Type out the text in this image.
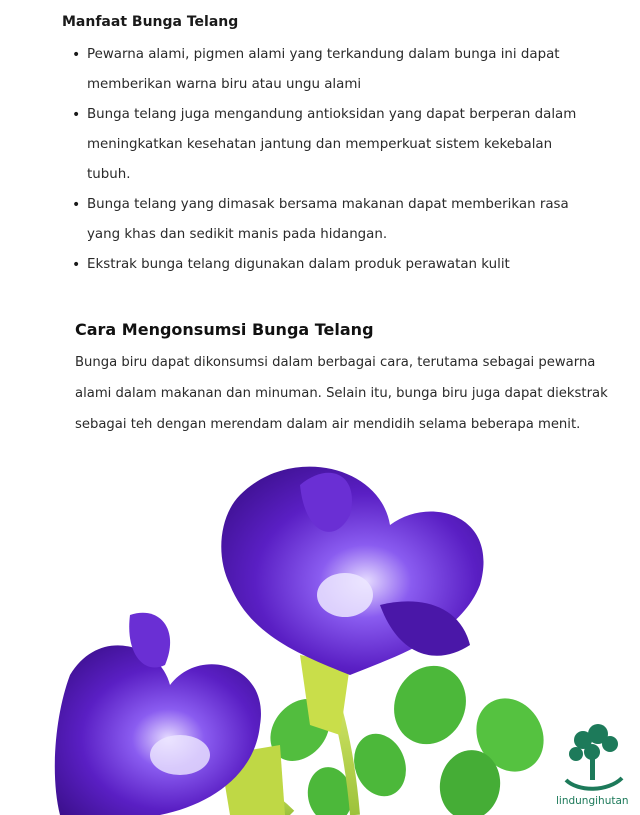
Manfaat Bunga Telang
• Pewarna alami, pigmen alami yang terkandung dalam bunga ini dapat memberikan warna biru atau ungu alami
• Bunga telang juga mengandung antioksidan yang dapat berperan dalam meningkatkan kesehatan jantung dan memperkuat sistem kekebalan tubuh.
• Bunga telang yang dimasak bersama makanan dapat memberikan rasa yang khas dan sedikit manis pada hidangan.
• Ekstrak bunga telang digunakan dalam produk perawatan kulit
Cara Mengonsumsi Bunga Telang
Bunga biru dapat dikonsumsi dalam berbagai cara, terutama sebagai pewarna alami dalam makanan dan minuman. Selain itu, bunga biru juga dapat diekstrak sebagai teh dengan merendam dalam air mendidih selama beberapa menit.
lindungihutan
